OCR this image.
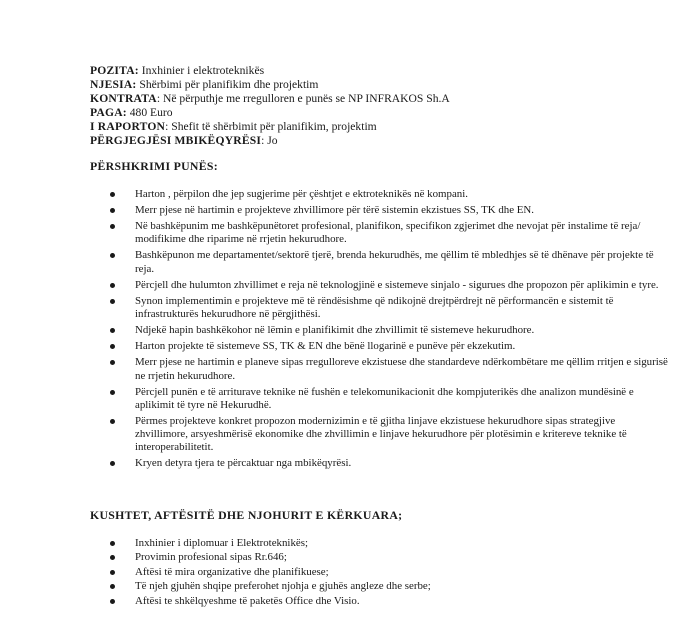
POZITA: Inxhinier i elektroteknikës
NJESIA: Shërbimi për planifikim dhe projektim
KONTRATA: Në përputhje me rregulloren e punës se NP INFRAKOS Sh.A
PAGA: 480 Euro
I RAPORTON: Shefit të shërbimit për planifikim, projektim
PËRGJEGJËSI MBIKËQYRËSI: Jo
PËRSHKRIMI PUNËS:
Harton , përpilon dhe jep sugjerime për çështjet e ektroteknikës në kompani.
Merr pjese në hartimin e projekteve zhvillimore për tërë sistemin ekzistues SS, TK dhe EN.
Në bashkëpunim me bashkëpunëtoret profesional, planifikon, specifikon zgjerimet dhe nevojat për instalime të reja/ modifikime dhe riparime në rrjetin hekurudhore.
Bashkëpunon me departamentet/sektorë tjerë, brenda hekurudhës, me qëllim të mbledhjes së të dhënave për projekte të reja.
Përcjell dhe hulumton zhvillimet e reja në teknologjinë e sistemeve sinjalo - sigurues dhe propozon për aplikimin e tyre.
Synon implementimin e projekteve më të rëndësishme që ndikojnë drejtpërdrejt në përformancën e sistemit të infrastrukturës hekurudhore në përgjithësi.
Ndjekë hapin bashkëkohor në lëmin e planifikimit dhe zhvillimit të sistemeve hekurudhore.
Harton projekte të sistemeve SS, TK & EN dhe bënë llogarinë e punëve për ekzekutim.
Merr pjese ne hartimin e planeve sipas rregulloreve ekzistuese dhe standardeve ndërkombëtare me qëllim rritjen e sigurisë ne rrjetin hekurudhore.
Përcjell punën e të arriturave teknike në fushën e telekomunikacionit dhe kompjuterikës dhe analizon mundësinë e aplikimit të tyre në Hekurudhë.
Përmes projekteve konkret propozon modernizimin e të gjitha linjave ekzistuese hekurudhore sipas strategjive zhvillimore, arsyeshmërisë ekonomike dhe zhvillimin e linjave hekurudhore për plotësimin e kritereve teknike të interoperabilitetit.
Kryen detyra tjera te përcaktuar nga mbikëqyrësi.
KUSHTET, AFTËSITË DHE NJOHURIT E KËRKUARA;
Inxhinier i diplomuar i Elektroteknikës;
Provimin profesional sipas Rr.646;
Aftësi të mira organizative dhe planifikuese;
Të njeh gjuhën shqipe preferohet njohja e gjuhës angleze dhe serbe;
Aftësi te shkëlqyeshme të paketës Office dhe Visio.
